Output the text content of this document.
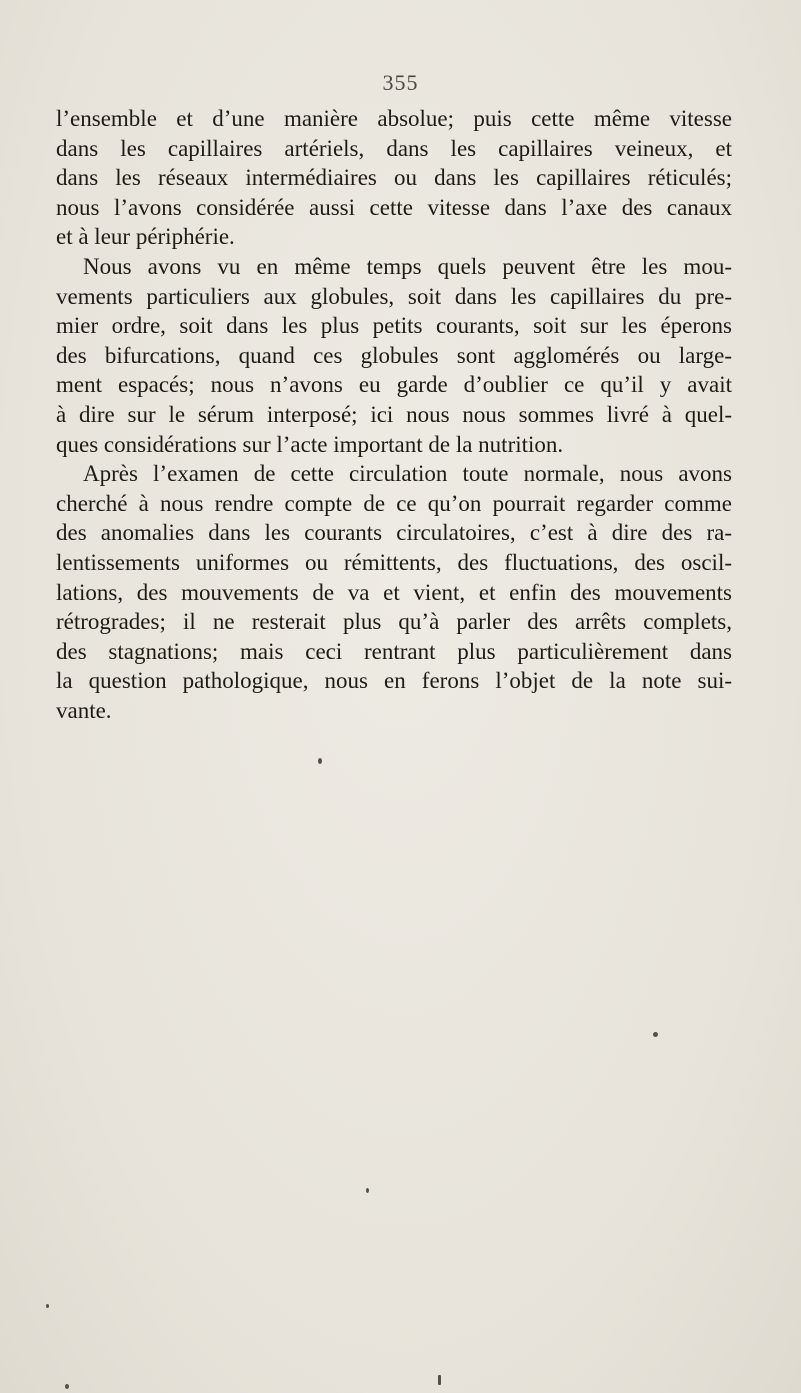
355
l’ensemble et d’une manière absolue; puis cette même vitesse
dans les capillaires artériels, dans les capillaires veineux, et
dans les réseaux intermédiaires ou dans les capillaires réticulés;
nous l’avons considérée aussi cette vitesse dans l’axe des canaux
et à leur périphérie.
Nous avons vu en même temps quels peuvent être les mou-
vements particuliers aux globules, soit dans les capillaires du pre-
mier ordre, soit dans les plus petits courants, soit sur les éperons
des bifurcations, quand ces globules sont agglomérés ou large-
ment espacés; nous n’avons eu garde d’oublier ce qu’il y avait
à dire sur le sérum interposé; ici nous nous sommes livré à quel-
ques considérations sur l’acte important de la nutrition.
Après l’examen de cette circulation toute normale, nous avons
cherché à nous rendre compte de ce qu’on pourrait regarder comme
des anomalies dans les courants circulatoires, c’est à dire des ra-
lentissements uniformes ou rémittents, des fluctuations, des oscil-
lations, des mouvements de va et vient, et enfin des mouvements
rétrogrades; il ne resterait plus qu’à parler des arrêts complets,
des stagnations; mais ceci rentrant plus particulièrement dans
la question pathologique, nous en ferons l’objet de la note sui-
vante.
